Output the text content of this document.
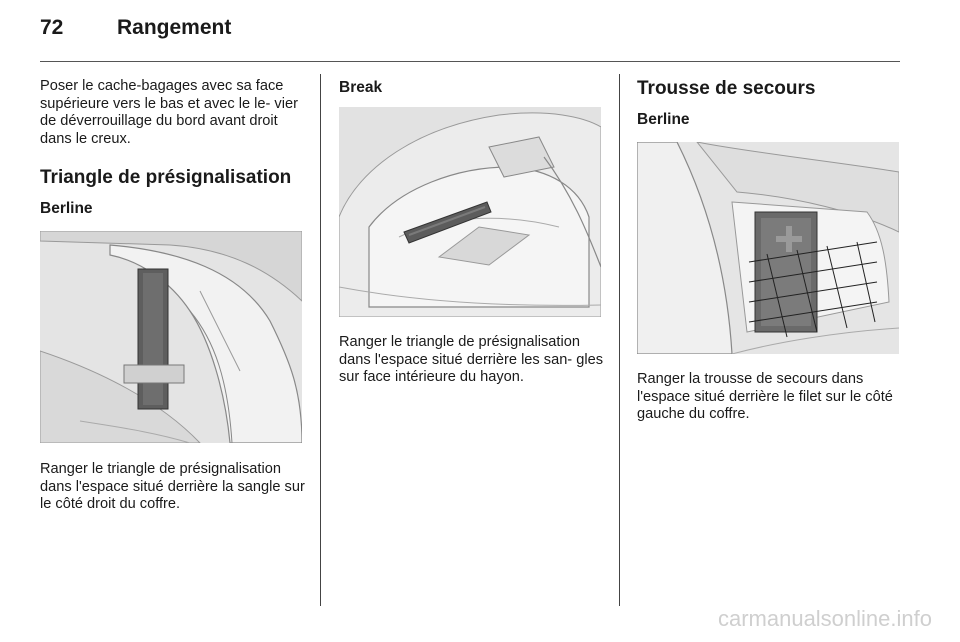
72	Rangement

Poser le cache-bagages avec sa face supérieure vers le bas et avec le le- vier de déverrouillage du bord avant droit dans le creux.

Triangle de présignalisation
Berline

Ranger le triangle de présignalisation dans l'espace situé derrière la sangle sur le côté droit du coffre.

Break

Ranger le triangle de présignalisation dans l'espace situé derrière les san- gles sur face intérieure du hayon.

Trousse de secours
Berline

Ranger la trousse de secours dans l'espace situé derrière le filet sur le côté gauche du coffre.

carmanualsonline.info
